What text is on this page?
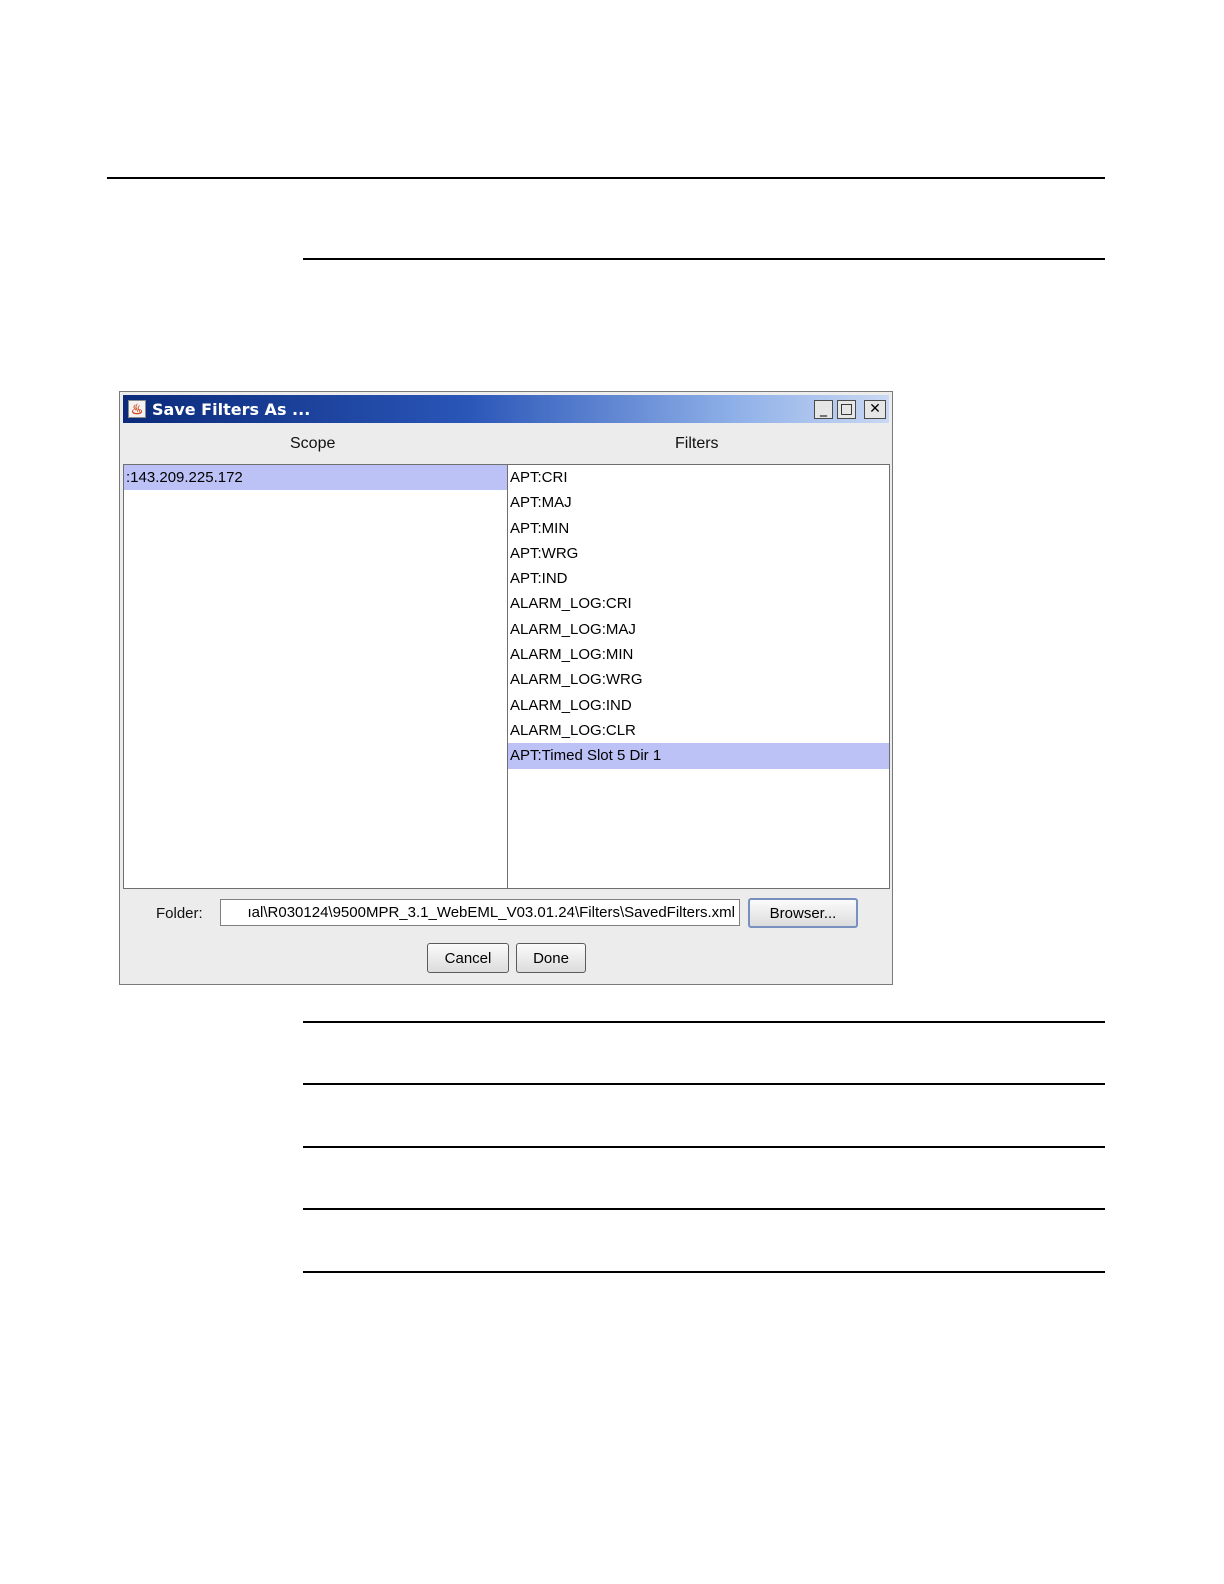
♨ Save Filters As ...	_ □	✕
Scope	Filters
:143.209.225.172	APT:CRI
APT:MAJ
APT:MIN
APT:WRG
APT:IND
ALARM_LOG:CRI
ALARM_LOG:MAJ
ALARM_LOG:MIN
ALARM_LOG:WRG
ALARM_LOG:IND
ALARM_LOG:CLR
APT:Timed Slot 5 Dir 1
Folder:
ıal\R030124\9500MPR_3.1_WebEML_V03.01.24\Filters\SavedFilters.xml	Browser...
Cancel	Done
